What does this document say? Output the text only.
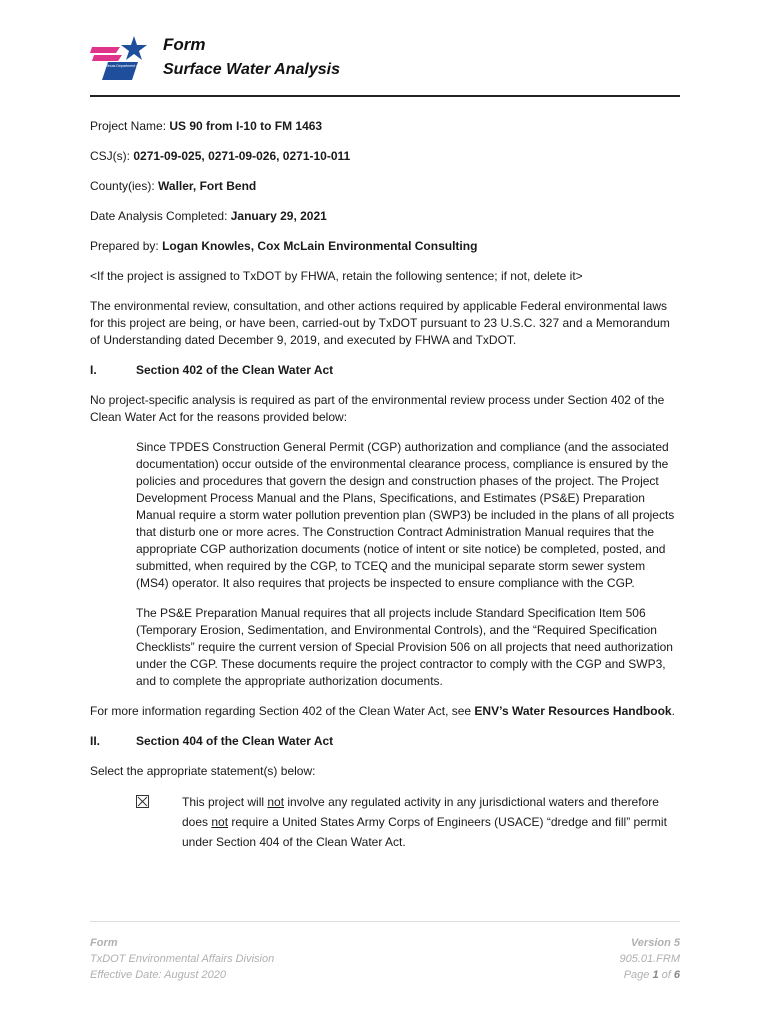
Texas Department of Transportation
Form
Surface Water Analysis
Project Name: US 90 from I-10 to FM 1463
CSJ(s): 0271-09-025, 0271-09-026, 0271-10-011
County(ies): Waller, Fort Bend
Date Analysis Completed: January 29, 2021
Prepared by: Logan Knowles, Cox McLain Environmental Consulting

<If the project is assigned to TxDOT by FHWA, retain the following sentence; if not, delete it>

The environmental review, consultation, and other actions required by applicable Federal environmental laws for this project are being, or have been, carried-out by TxDOT pursuant to 23 U.S.C. 327 and a Memorandum of Understanding dated December 9, 2019, and executed by FHWA and TxDOT.

I.	Section 402 of the Clean Water Act

No project-specific analysis is required as part of the environmental review process under Section 402 of the Clean Water Act for the reasons provided below:

Since TPDES Construction General Permit (CGP) authorization and compliance (and the associated documentation) occur outside of the environmental clearance process, compliance is ensured by the policies and procedures that govern the design and construction phases of the project. The Project Development Process Manual and the Plans, Specifications, and Estimates (PS&E) Preparation Manual require a storm water pollution prevention plan (SWP3) be included in the plans of all projects that disturb one or more acres. The Construction Contract Administration Manual requires that the appropriate CGP authorization documents (notice of intent or site notice) be completed, posted, and submitted, when required by the CGP, to TCEQ and the municipal separate storm sewer system (MS4) operator. It also requires that projects be inspected to ensure compliance with the CGP.

The PS&E Preparation Manual requires that all projects include Standard Specification Item 506 (Temporary Erosion, Sedimentation, and Environmental Controls), and the “Required Specification Checklists” require the current version of Special Provision 506 on all projects that need authorization under the CGP. These documents require the project contractor to comply with the CGP and SWP3, and to complete the appropriate authorization documents.

For more information regarding Section 402 of the Clean Water Act, see ENV’s Water Resources Handbook.

II.	Section 404 of the Clean Water Act

Select the appropriate statement(s) below:

This project will not involve any regulated activity in any jurisdictional waters and therefore does not require a United States Army Corps of Engineers (USACE) “dredge and fill” permit under Section 404 of the Clean Water Act.
Form
TxDOT Environmental Affairs Division
Effective Date: August 2020
Version 5
905.01.FRM
Page 1 of 6
